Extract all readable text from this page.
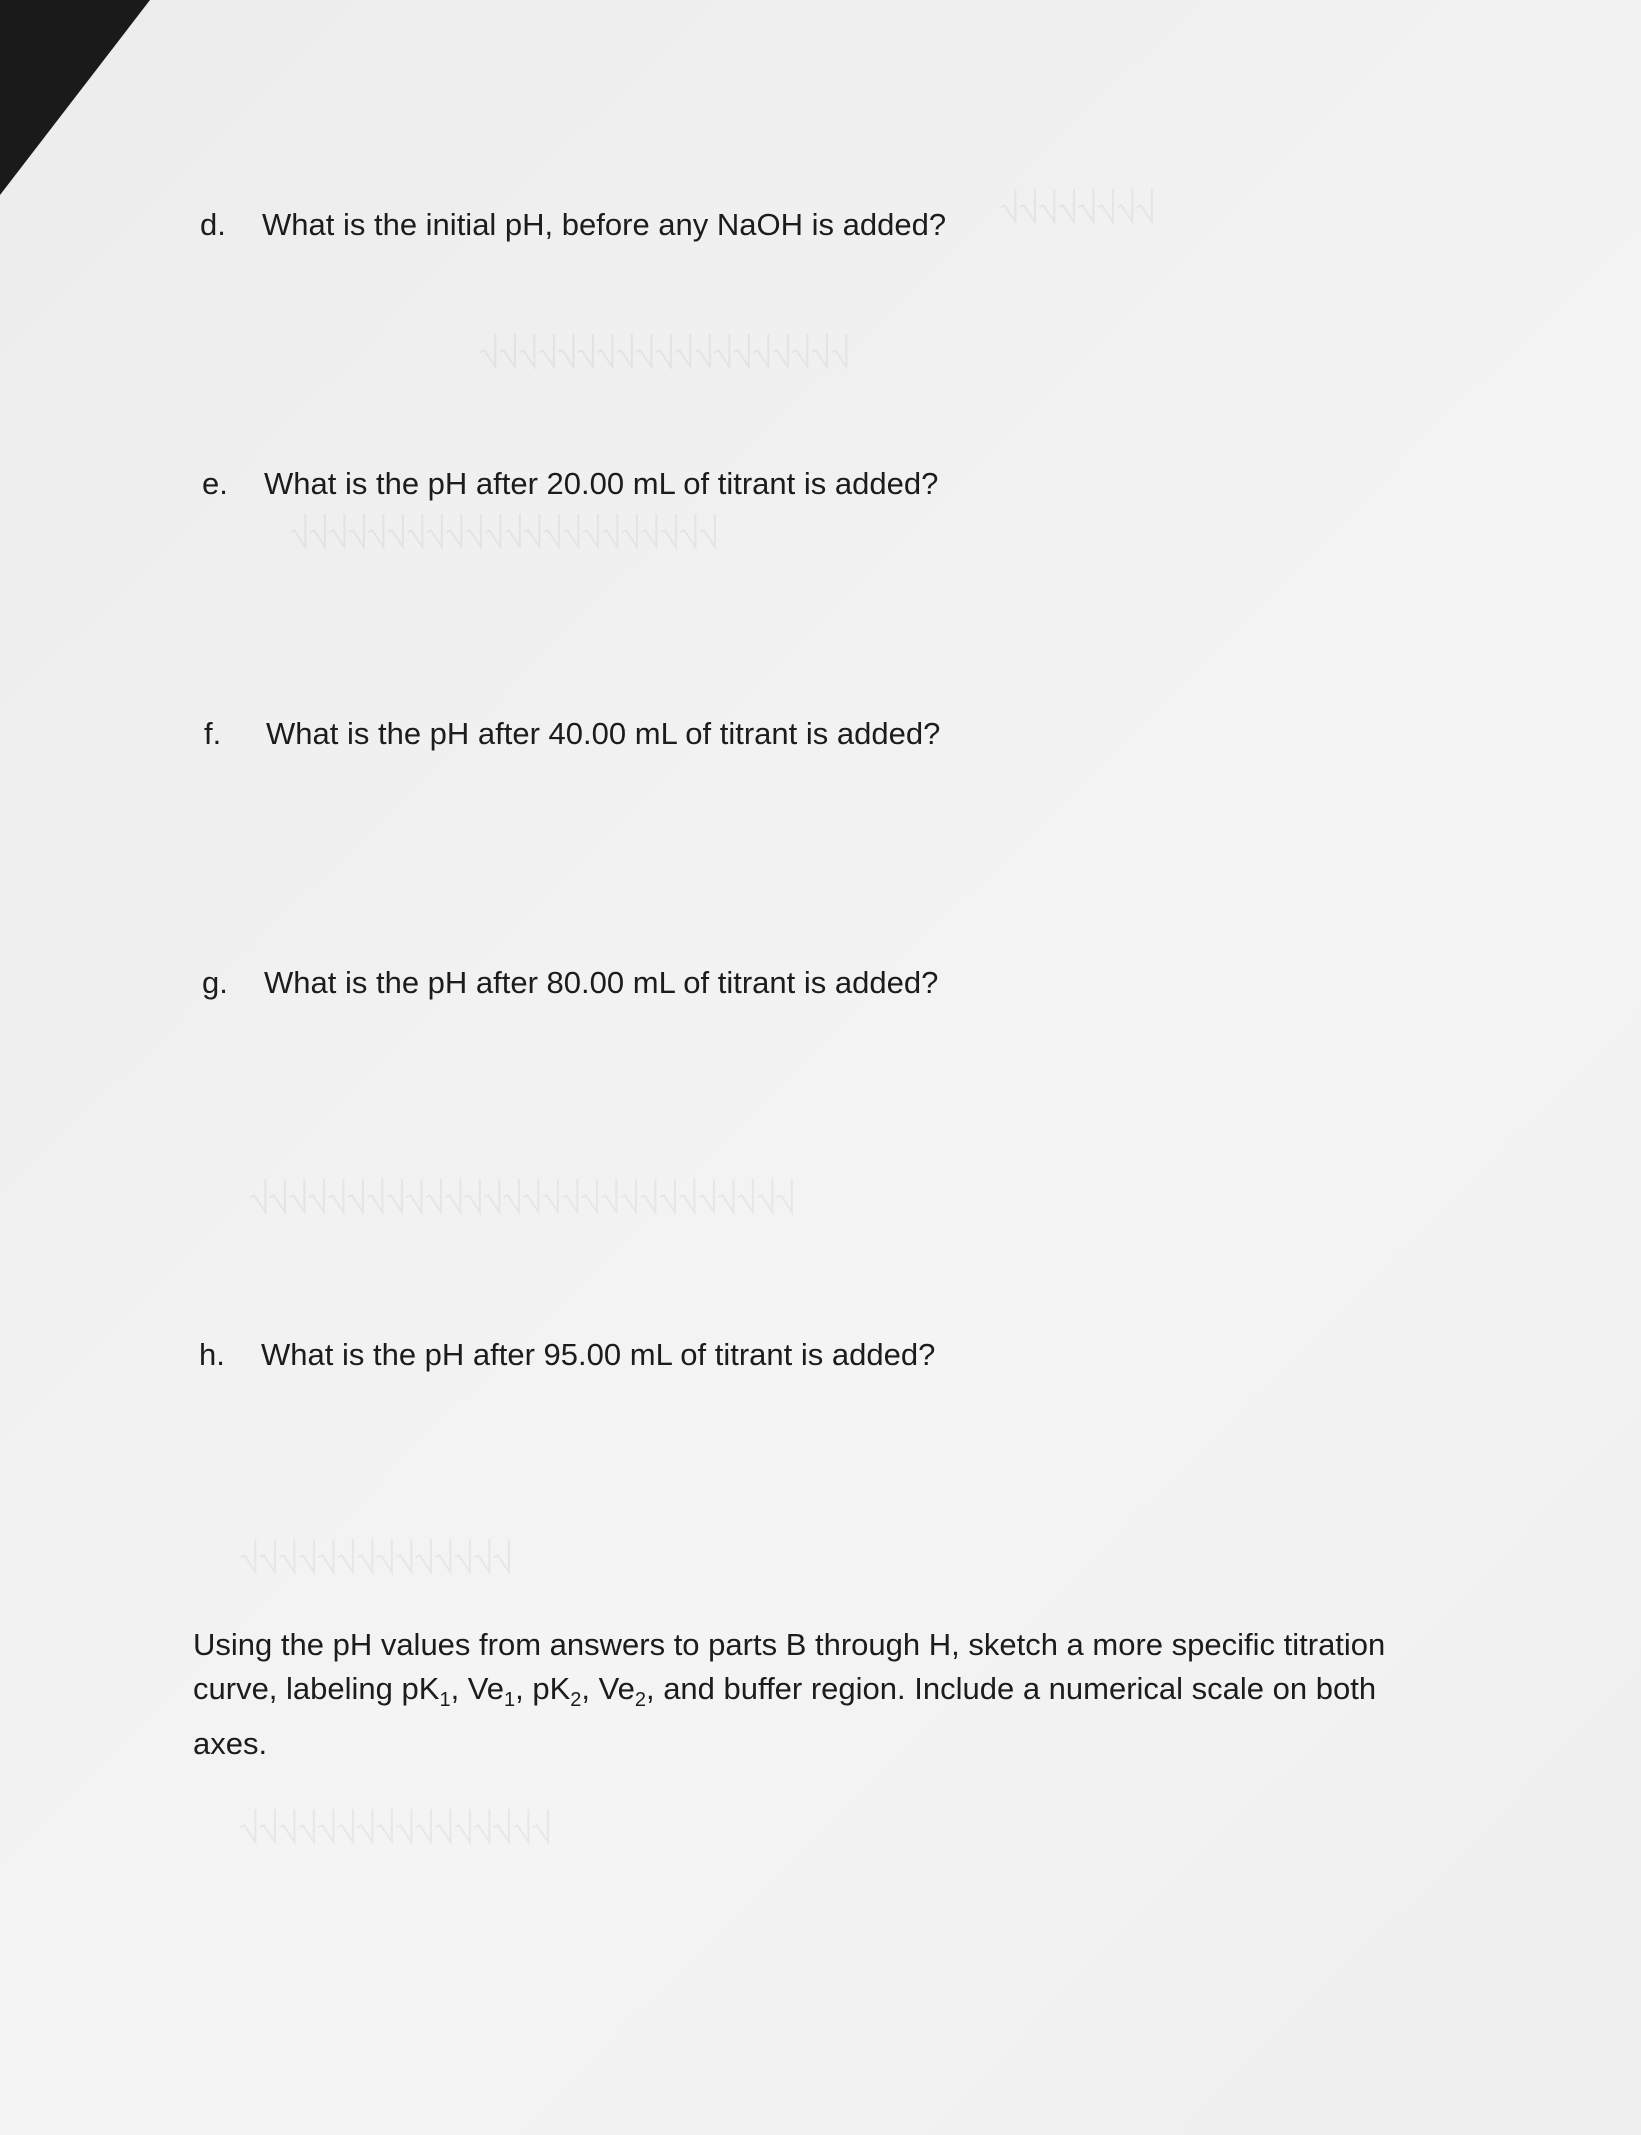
⎷⎷⎷⎷⎷⎷⎷⎷
⎷⎷⎷⎷⎷⎷⎷⎷⎷⎷⎷⎷⎷⎷⎷⎷⎷⎷⎷
⎷⎷⎷⎷⎷⎷⎷⎷⎷⎷⎷⎷⎷⎷⎷⎷⎷⎷⎷⎷⎷⎷
⎷⎷⎷⎷⎷⎷⎷⎷⎷⎷⎷⎷⎷⎷⎷⎷⎷⎷⎷⎷⎷⎷⎷⎷⎷⎷⎷⎷
⎷⎷⎷⎷⎷⎷⎷⎷⎷⎷⎷⎷⎷⎷
⎷⎷⎷⎷⎷⎷⎷⎷⎷⎷⎷⎷⎷⎷⎷⎷
d. What is the initial pH, before any NaOH is added?
e. What is the pH after 20.00 mL of titrant is added?
f. What is the pH after 40.00 mL of titrant is added?
g. What is the pH after 80.00 mL of titrant is added?
h. What is the pH after 95.00 mL of titrant is added?
Using the pH values from answers to parts B through H, sketch a more specific titration
curve, labeling $pK_1$, $Ve_1$, $pK_2$, $Ve_2$, and buffer region. Include a numerical scale on both
axes.
